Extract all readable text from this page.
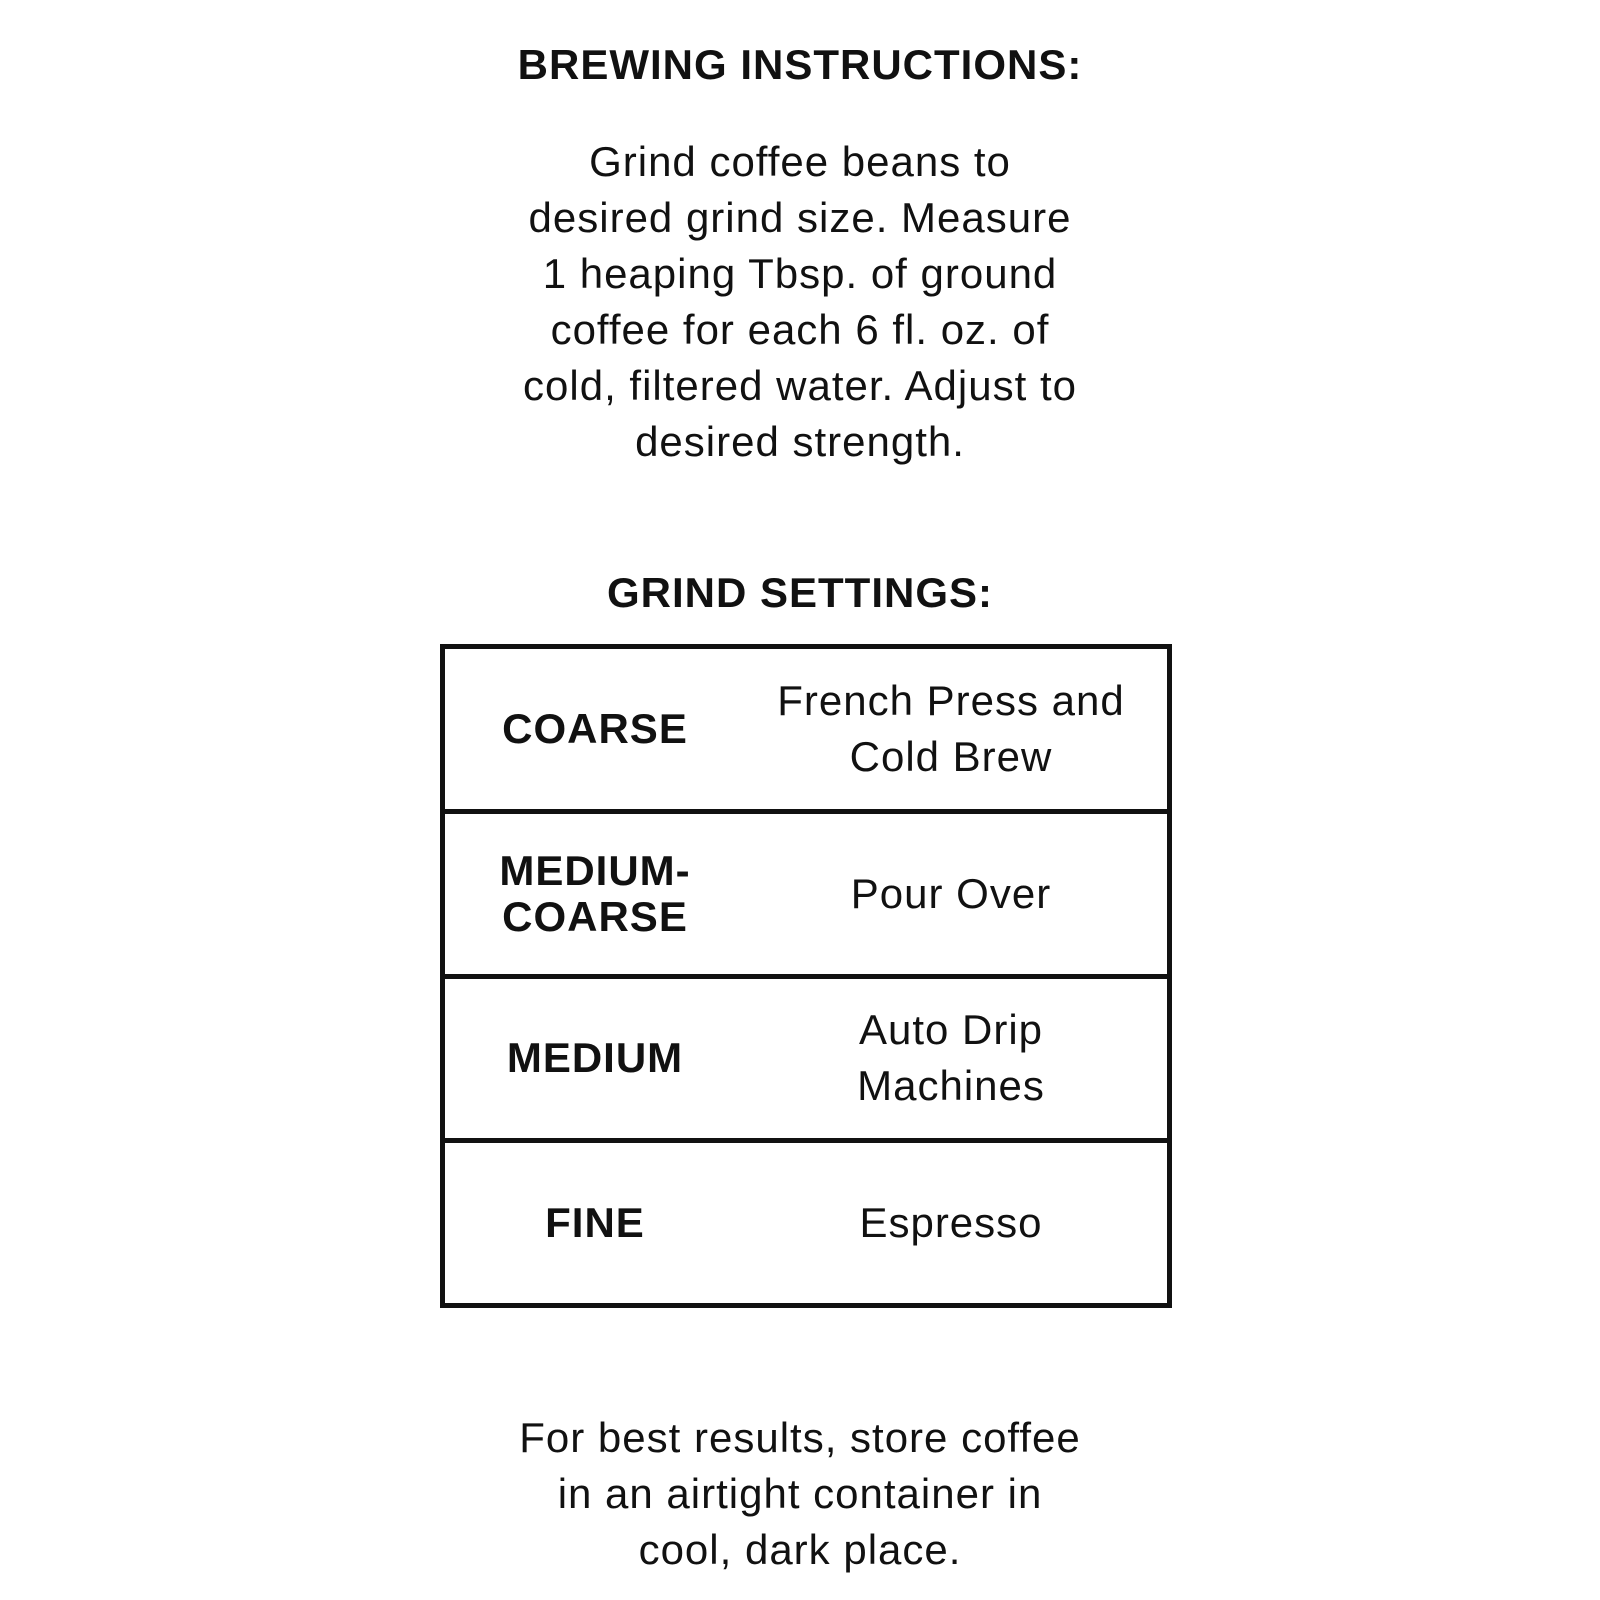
BREWING INSTRUCTIONS:
Grind coffee beans to
desired grind size. Measure
1 heaping Tbsp. of ground
coffee for each 6 fl. oz. of
cold, filtered water. Adjust to
desired strength.
GRIND SETTINGS:
COARSE
French Press and
Cold Brew
MEDIUM-
COARSE	Pour Over
MEDIUM
Auto Drip
Machines
FINE	Espresso
For best results, store coffee
in an airtight container in
cool, dark place.
